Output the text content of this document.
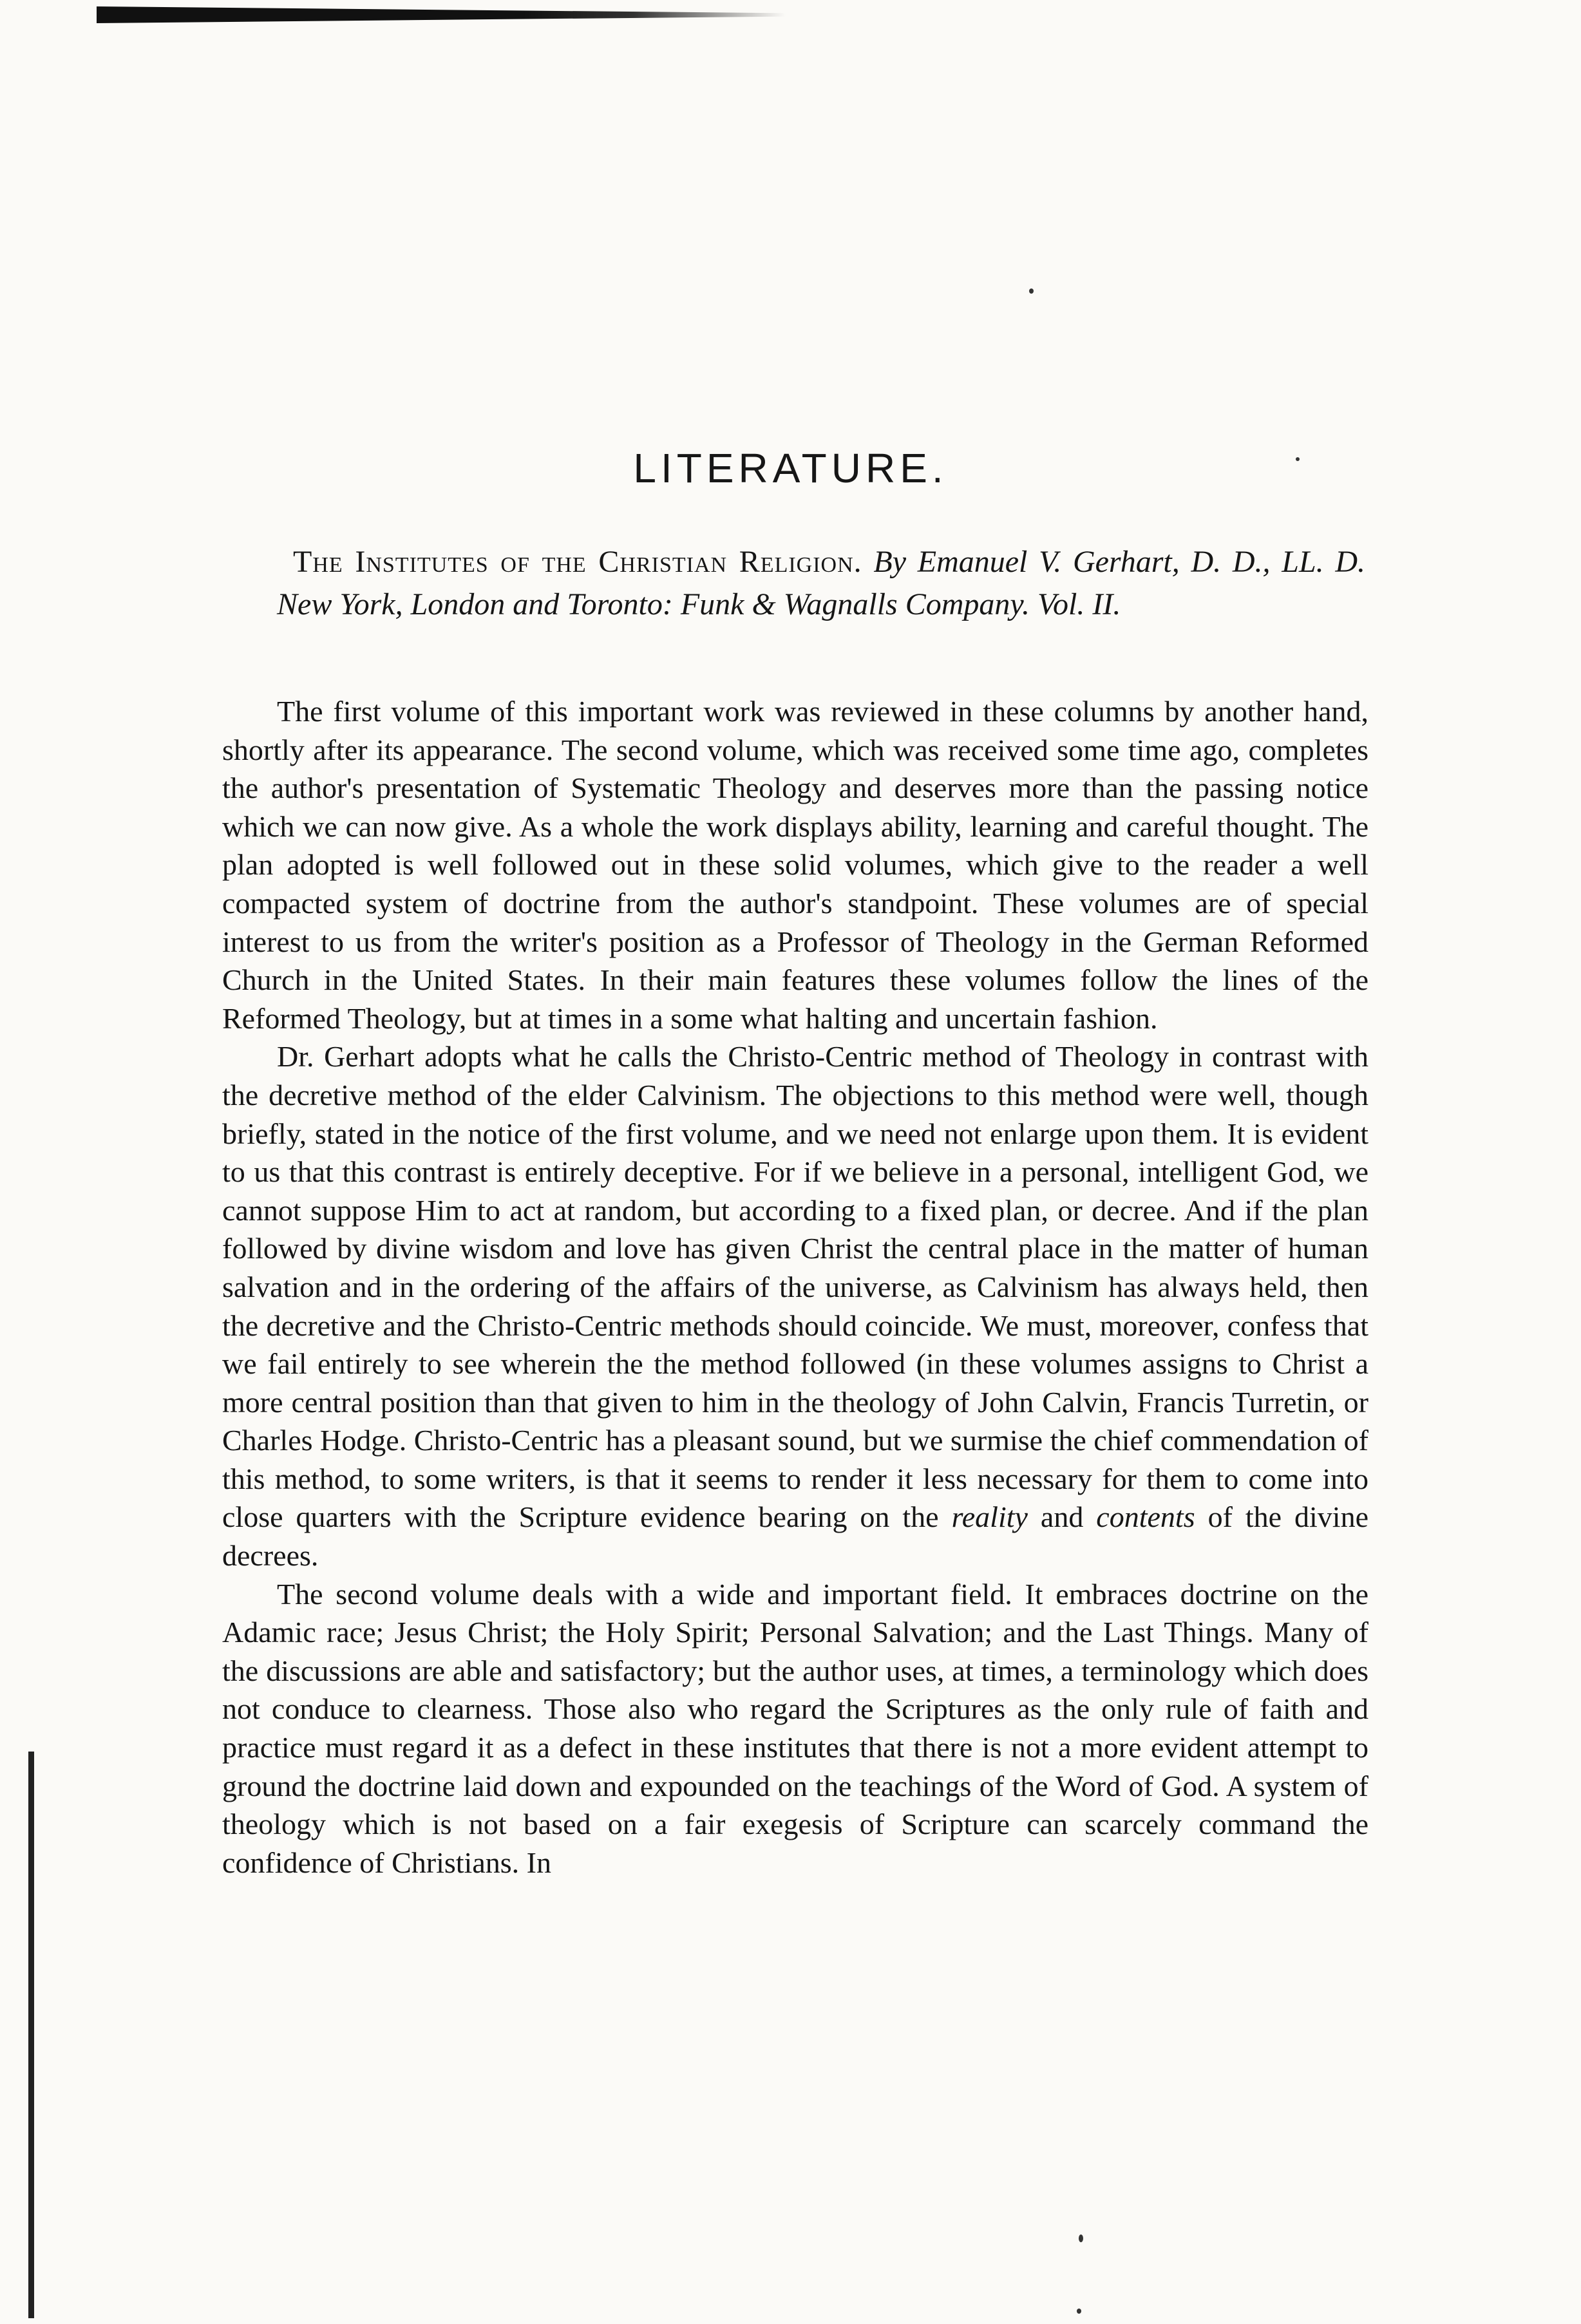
LITERATURE.

The Institutes of the Christian Religion. By Emanuel V. Gerhart, D. D., LL. D. New York, London and Toronto: Funk & Wagnalls Company. Vol. II.

The first volume of this important work was reviewed in these columns by another hand, shortly after its appearance. The second volume, which was received some time ago, completes the author's presentation of Systematic Theology and deserves more than the passing notice which we can now give. As a whole the work displays ability, learning and careful thought. The plan adopted is well followed out in these solid volumes, which give to the reader a well compacted system of doctrine from the author's standpoint. These volumes are of special interest to us from the writer's position as a Professor of Theology in the German Reformed Church in the United States. In their main features these volumes follow the lines of the Reformed Theology, but at times in a some what halting and uncertain fashion.

Dr. Gerhart adopts what he calls the Christo-Centric method of Theology in contrast with the decretive method of the elder Calvinism. The objections to this method were well, though briefly, stated in the notice of the first volume, and we need not enlarge upon them. It is evident to us that this contrast is entirely deceptive. For if we believe in a personal, intelligent God, we cannot suppose Him to act at random, but according to a fixed plan, or decree. And if the plan followed by divine wisdom and love has given Christ the central place in the matter of human salvation and in the ordering of the affairs of the universe, as Calvinism has always held, then the decretive and the Christo-Centric methods should coincide. We must, moreover, confess that we fail entirely to see wherein the the method followed (in these volumes assigns to Christ a more central position than that given to him in the theology of John Calvin, Francis Turretin, or Charles Hodge. Christo-Centric has a pleasant sound, but we surmise the chief commendation of this method, to some writers, is that it seems to render it less necessary for them to come into close quarters with the Scripture evidence bearing on the reality and contents of the divine decrees.

The second volume deals with a wide and important field. It embraces doctrine on the Adamic race; Jesus Christ; the Holy Spirit; Personal Salvation; and the Last Things. Many of the discussions are able and satisfactory; but the author uses, at times, a terminology which does not conduce to clearness. Those also who regard the Scriptures as the only rule of faith and practice must regard it as a defect in these institutes that there is not a more evident attempt to ground the doctrine laid down and expounded on the teachings of the Word of God. A system of theology which is not based on a fair exegesis of Scripture can scarcely command the confidence of Christians. In
